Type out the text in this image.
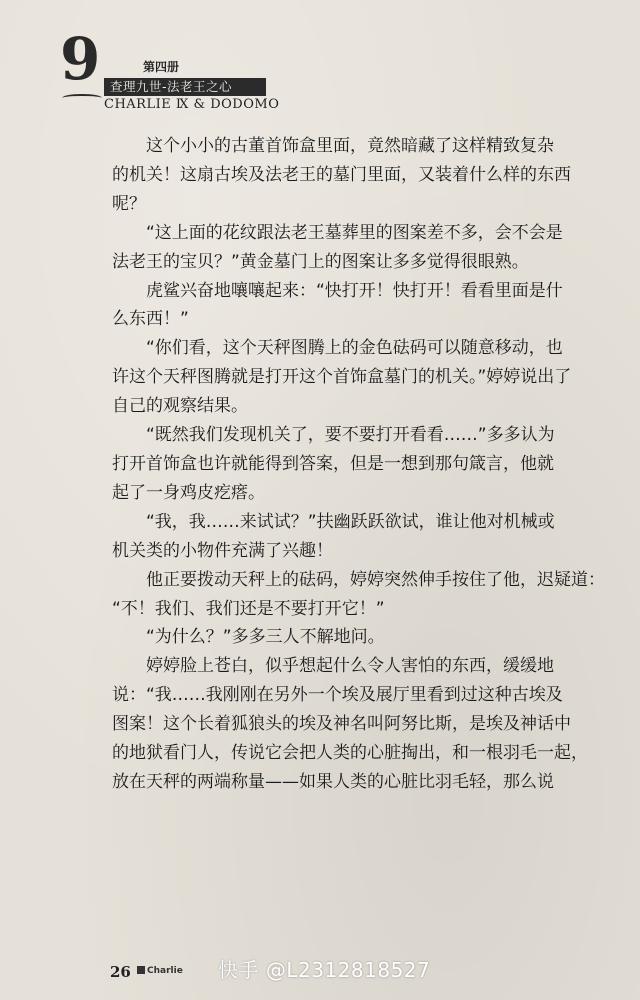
9	第四册
查理九世-法老王之心
CHARLIE Ⅸ & DODOMO

这个小小的古董首饰盒里面，竟然暗藏了这样精致复杂

的机关！这扇古埃及法老王的墓门里面，又装着什么样的东西

呢？

“这上面的花纹跟法老王墓葬里的图案差不多，会不会是

法老王的宝贝？”黄金墓门上的图案让多多觉得很眼熟。

虎鲨兴奋地嚷嚷起来：“快打开！快打开！看看里面是什

么东西！”

“你们看，这个天秤图腾上的金色砝码可以随意移动，也

许这个天秤图腾就是打开这个首饰盒墓门的机关。”婷婷说出了

自己的观察结果。

“既然我们发现机关了，要不要打开看看……”多多认为

打开首饰盒也许就能得到答案，但是一想到那句箴言，他就

起了一身鸡皮疙瘩。

“我，我……来试试？”扶幽跃跃欲试，谁让他对机械或

机关类的小物件充满了兴趣！

他正要拨动天秤上的砝码，婷婷突然伸手按住了他，迟疑道：

“不！我们、我们还是不要打开它！”

“为什么？”多多三人不解地问。

婷婷脸上苍白，似乎想起什么令人害怕的东西，缓缓地

说：“我……我刚刚在另外一个埃及展厅里看到过这种古埃及

图案！这个长着狐狼头的埃及神名叫阿努比斯，是埃及神话中

的地狱看门人，传说它会把人类的心脏掏出，和一根羽毛一起，

放在天秤的两端称量——如果人类的心脏比羽毛轻，那么说

26	Charlie 快手 @L2312818527
